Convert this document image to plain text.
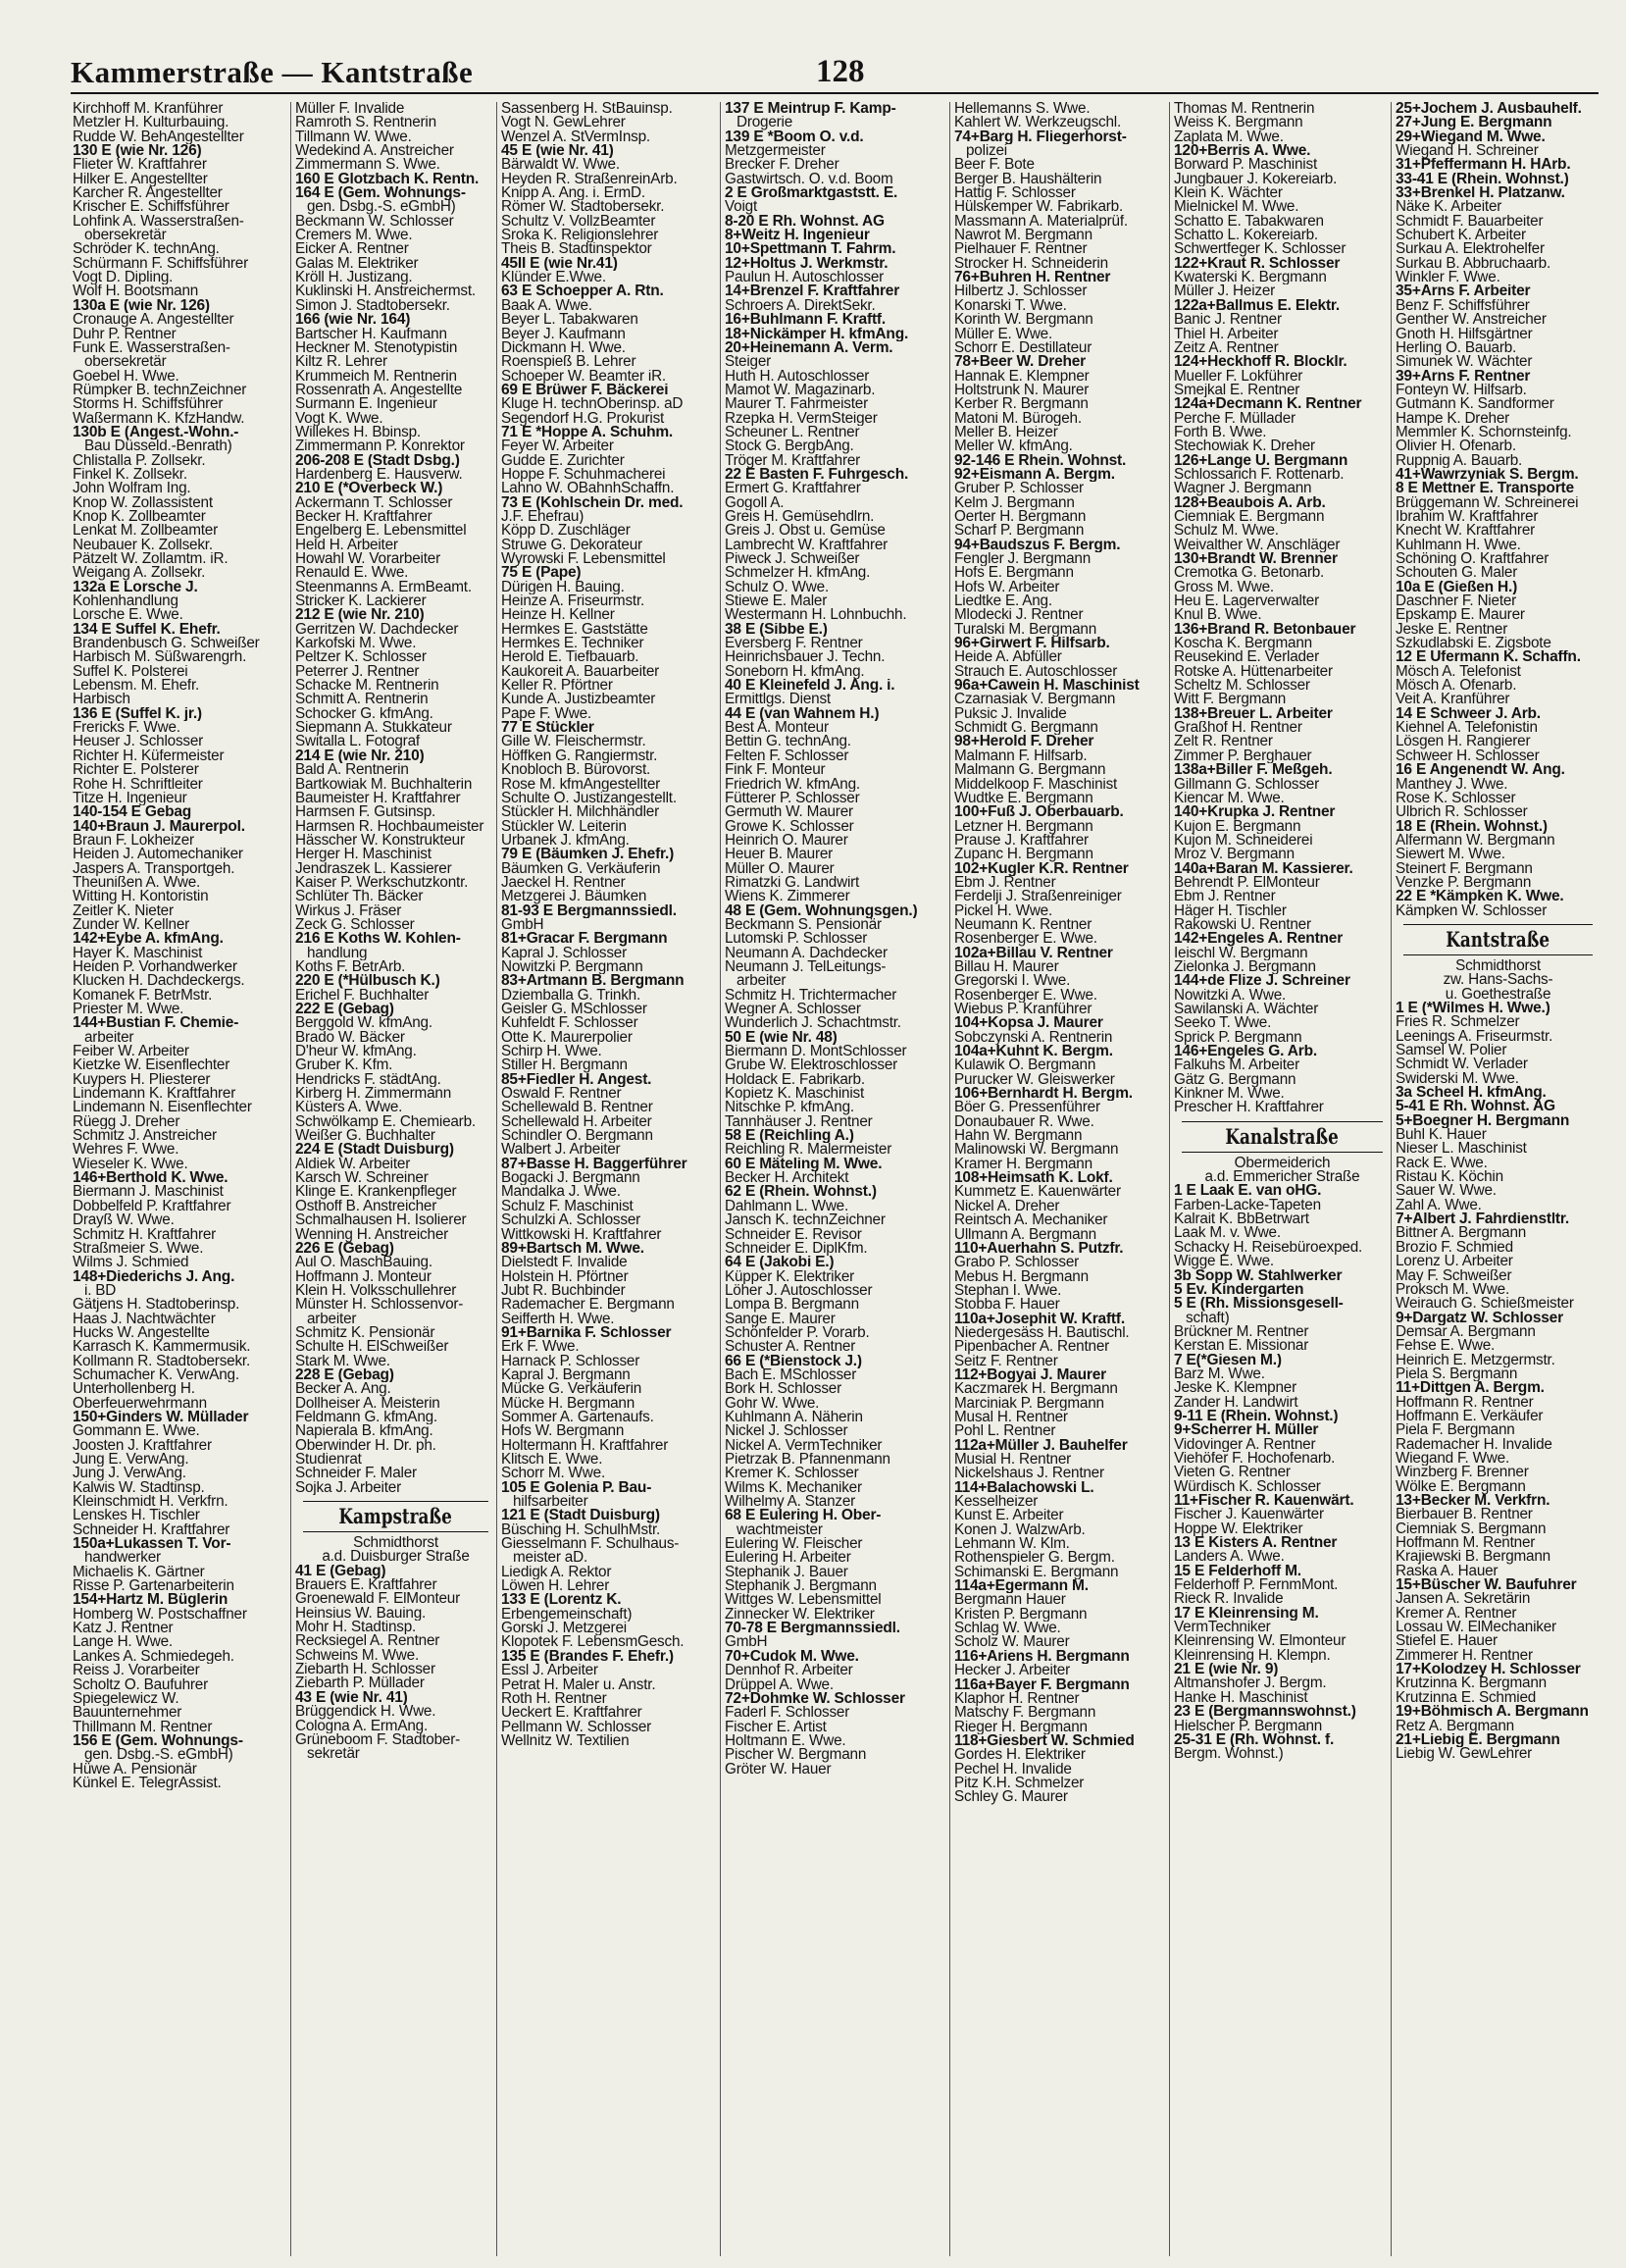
Kammerstraße — Kantstraße	128
Kirchhoff M. Kranführer
Metzler H. Kulturbauing.
Rudde W. BehAngestellter
130 E (wie Nr. 126)
Flieter W. Kraftfahrer
Hilker E. Angestellter
Karcher R. Angestellter
Krischer E. Schiffsführer
Lohfink A. Wasserstraßen-
obersekretär
Schröder K. technAng.
Schürmann F. Schiffsführer
Vogt D. Dipling.
Wolf H. Bootsmann
130a E (wie Nr. 126)
Cronauge A. Angestellter
Duhr P. Rentner
Funk E. Wasserstraßen-
obersekretär
Goebel H. Wwe.
Rümpker B. technZeichner
Storms H. Schiffsführer
Waßermann K. KfzHandw.
130b E (Angest.-Wohn.-
Bau Düsseld.-Benrath)
Chlistalla P. Zollsekr.
Finkel K. Zollsekr.
John Wolfram Ing.
Knop W. Zollassistent
Knop K. Zollbeamter
Lenkat M. Zollbeamter
Neubauer K. Zollsekr.
Pätzelt W. Zollamtm. iR.
Weigang A. Zollsekr.
132a E Lorsche J.
Kohlenhandlung
Lorsche E. Wwe.
134 E Suffel K. Ehefr.
Brandenbusch G. Schweißer
Harbisch M. Süßwarengrh.
Suffel K. Polsterei
Lebensm. M. Ehefr.
Harbisch
136 E (Suffel K. jr.)
Frericks F. Wwe.
Heuser J. Schlosser
Richter H. Küfermeister
Richter E. Polsterer
Rohe H. Schriftleiter
Titze H. Ingenieur
140-154 E Gebag
140+Braun J. Maurerpol.
Braun F. Lokheizer
Heiden J. Automechaniker
Jaspers A. Transportgeh.
Theunißen A. Wwe.
Witting H. Kontoristin
Zeitler K. Nieter
Zunder W. Kellner
142+Eybe A. kfmAng.
Hayer K. Maschinist
Heiden P. Vorhandwerker
Klucken H. Dachdeckergs.
Komanek F. BetrMstr.
Priester M. Wwe.
144+Bustian F. Chemie-
arbeiter
Feiber W. Arbeiter
Kietzke W. Eisenflechter
Kuypers H. Pliesterer
Lindemann K. Kraftfahrer
Lindemann N. Eisenflechter
Rüegg J. Dreher
Schmitz J. Anstreicher
Wehres F. Wwe.
Wieseler K. Wwe.
146+Berthold K. Wwe.
Biermann J. Maschinist
Dobbelfeld P. Kraftfahrer
Drayß W. Wwe.
Schmitz H. Kraftfahrer
Straßmeier S. Wwe.
Wilms J. Schmied
148+Diederichs J. Ang.
i. BD
Gätjens H. Stadtoberinsp.
Haas J. Nachtwächter
Hucks W. Angestellte
Karrasch K. Kammermusik.
Kollmann R. Stadtobersekr.
Schumacher K. VerwAng.
Unterhollenberg H.
Oberfeuerwehrmann
150+Ginders W. Müllader
Gommann E. Wwe.
Joosten J. Kraftfahrer
Jung E. VerwAng.
Jung J. VerwAng.
Kalwis W. Stadtinsp.
Kleinschmidt H. Verkfrn.
Lenskes H. Tischler
Schneider H. Kraftfahrer
150a+Lukassen T. Vor-
handwerker
Michaelis K. Gärtner
Risse P. Gartenarbeiterin
154+Hartz M. Büglerin
Homberg W. Postschaffner
Katz J. Rentner
Lange H. Wwe.
Lankes A. Schmiedegeh.
Reiss J. Vorarbeiter
Scholtz O. Baufuhrer
Spiegelewicz W.
Bauunternehmer
Thillmann M. Rentner
156 E (Gem. Wohnungs-
gen. Dsbg.-S. eGmbH)
Hüwe A. Pensionär
Künkel E. TelegrAssist.
Müller F. Invalide
Ramroth S. Rentnerin
Tillmann W. Wwe.
Wedekind A. Anstreicher
Zimmermann S. Wwe.
160 E Glotzbach K. Rentn.
164 E (Gem. Wohnungs-
gen. Dsbg.-S. eGmbH)
Beckmann W. Schlosser
Cremers M. Wwe.
Eicker A. Rentner
Galas M. Elektriker
Kröll H. Justizang.
Kuklinski H. Anstreichermst.
Simon J. Stadtobersekr.
166 (wie Nr. 164)
Bartscher H. Kaufmann
Heckner M. Stenotypistin
Kiltz R. Lehrer
Krummeich M. Rentnerin
Rossenrath A. Angestellte
Surmann E. Ingenieur
Vogt K. Wwe.
Willekes H. Bbinsp.
Zimmermann P. Konrektor
206-208 E (Stadt Dsbg.)
Hardenberg E. Hausverw.
210 E (*Overbeck W.)
Ackermann T. Schlosser
Becker H. Kraftfahrer
Engelberg E. Lebensmittel
Held H. Arbeiter
Howahl W. Vorarbeiter
Renauld E. Wwe.
Steenmanns A. ErmBeamt.
Stricker K. Lackierer
212 E (wie Nr. 210)
Gerritzen W. Dachdecker
Karkofski M. Wwe.
Peltzer K. Schlosser
Peterrer J. Rentner
Schacke M. Rentnerin
Schmitt A. Rentnerin
Schocker G. kfmAng.
Siepmann A. Stukkateur
Switalla L. Fotograf
214 E (wie Nr. 210)
Bald A. Rentnerin
Bartkowiak M. Buchhalterin
Baumeister H. Kraftfahrer
Harmsen F. Gutsinsp.
Harmsen R. Hochbaumeister
Hässcher W. Konstrukteur
Herger H. Maschinist
Jendraszek L. Kassierer
Kaiser P. Werkschutzkontr.
Schlüter Th. Bäcker
Wirkus J. Fräser
Zeck G. Schlosser
216 E Koths W. Kohlen-
handlung
Koths F. BetrArb.
220 E (*Hülbusch K.)
Erichel F. Buchhalter
222 E (Gebag)
Berggold W. kfmAng.
Brado W. Bäcker
D'heur W. kfmAng.
Gruber K. Kfm.
Hendricks F. städtAng.
Kirberg H. Zimmermann
Küsters A. Wwe.
Schwölkamp E. Chemiearb.
Weißer G. Buchhalter
224 E (Stadt Duisburg)
Aldiek W. Arbeiter
Karsch W. Schreiner
Klinge E. Krankenpfleger
Osthoff B. Anstreicher
Schmalhausen H. Isolierer
Wenning H. Anstreicher
226 E (Gebag)
Aul O. MaschBauing.
Hoffmann J. Monteur
Klein H. Volksschullehrer
Münster H. Schlossenvor-
arbeiter
Schmitz K. Pensionär
Schulte H. ElSchweißer
Stark M. Wwe.
228 E (Gebag)
Becker A. Ang.
Dollheiser A. Meisterin
Feldmann G. kfmAng.
Napierala B. kfmAng.
Oberwinder H. Dr. ph.
Studienrat
Schneider F. Maler
Sojka J. Arbeiter
Kampstraße
Schmidthorst
a.d. Duisburger Straße
41 E (Gebag)
Brauers E. Kraftfahrer
Groenewald F. ElMonteur
Heinsius W. Bauing.
Mohr H. Stadtinsp.
Recksiegel A. Rentner
Schweins M. Wwe.
Ziebarth H. Schlosser
Ziebarth P. Müllader
43 E (wie Nr. 41)
Brüggendick H. Wwe.
Cologna A. ErmAng.
Grüneboom F. Stadtober-
sekretär
Sassenberg H. StBauinsp.
Vogt N. GewLehrer
Wenzel A. StVermInsp.
45 E (wie Nr. 41)
Bärwaldt W. Wwe.
Heyden R. StraßenreinArb.
Knipp A. Ang. i. ErmD.
Römer W. Stadtobersekr.
Schultz V. VollzBeamter
Sroka K. Religionslehrer
Theis B. Stadtinspektor
45II E (wie Nr.41)
Klünder E.Wwe.
63 E Schoepper A. Rtn.
Baak A. Wwe.
Beyer L. Tabakwaren
Beyer J. Kaufmann
Dickmann H. Wwe.
Roenspieß B. Lehrer
Schoeper W. Beamter iR.
69 E Brüwer F. Bäckerei
Kluge H. technOberinsp. aD
Segendorf H.G. Prokurist
71 E *Hoppe A. Schuhm.
Feyer W. Arbeiter
Gudde E. Zurichter
Hoppe F. Schuhmacherei
Lahno W. OBahnhSchaffn.
73 E (Kohlschein Dr. med.
J.F. Ehefrau)
Köpp D. Zuschläger
Struwe G. Dekorateur
Wyrowski F. Lebensmittel
75 E (Pape)
Dürigen H. Bauing.
Heinze A. Friseurmstr.
Heinze H. Kellner
Hermkes E. Gaststätte
Hermkes E. Techniker
Herold E. Tiefbauarb.
Kaukoreit A. Bauarbeiter
Keller R. Pförtner
Kunde A. Justizbeamter
Pape F. Wwe.
77 E Stückler
Gille W. Fleischermstr.
Höffken G. Rangiermstr.
Knobloch B. Bürovorst.
Rose M. kfmAngestellter
Schulte O. Justizangestellt.
Stückler H. Milchhändler
Stückler W. Leiterin
Urbanek J. kfmAng.
79 E (Bäumken J. Ehefr.)
Bäumken G. Verkäuferin
Jaeckel H. Rentner
Metzgerei J. Bäumken
81-93 E Bergmannssiedl.
GmbH
81+Gracar F. Bergmann
Kapral J. Schlosser
Nowitzki P. Bergmann
83+Artmann B. Bergmann
Dziemballa G. Trinkh.
Geisler G. MSchlosser
Kuhfeldt F. Schlosser
Otte K. Maurerpolier
Schirp H. Wwe.
Stiller H. Bergmann
85+Fiedler H. Angest.
Oswald F. Rentner
Schellewald B. Rentner
Schellewald H. Arbeiter
Schindler O. Bergmann
Walbert J. Arbeiter
87+Basse H. Baggerführer
Bogacki J. Bergmann
Mandalka J. Wwe.
Schulz F. Maschinist
Schulzki A. Schlosser
Wittkowski H. Kraftfahrer
89+Bartsch M. Wwe.
Dielstedt F. Invalide
Holstein H. Pförtner
Jubt R. Buchbinder
Rademacher E. Bergmann
Seifferth H. Wwe.
91+Barnika F. Schlosser
Erk F. Wwe.
Harnack P. Schlosser
Kapral J. Bergmann
Mücke G. Verkäuferin
Mücke H. Bergmann
Sommer A. Gartenaufs.
Hofs W. Bergmann
Holtermann H. Kraftfahrer
Klitsch E. Wwe.
Schorr M. Wwe.
105 E Golenia P. Bau-
hilfsarbeiter
121 E (Stadt Duisburg)
Büsching H. SchulhMstr.
Giesselmann F. Schulhaus-
meister aD.
Liedigk A. Rektor
Löwen H. Lehrer
133 E (Lorentz K.
Erbengemeinschaft)
Gorski J. Metzgerei
Klopotek F. LebensmGesch.
135 E (Brandes F. Ehefr.)
Essl J. Arbeiter
Petrat H. Maler u. Anstr.
Roth H. Rentner
Ueckert E. Kraftfahrer
Pellmann W. Schlosser
Wellnitz W. Textilien
137 E Meintrup F. Kamp-
Drogerie
139 E *Boom O. v.d.
Metzgermeister
Brecker F. Dreher
Gastwirtsch. O. v.d. Boom
2 E Großmarktgaststt. E.
Voigt
8-20 E Rh. Wohnst. AG
8+Weitz H. Ingenieur
10+Spettmann T. Fahrm.
12+Holtus J. Werkmstr.
Paulun H. Autoschlosser
14+Brenzel F. Kraftfahrer
Schroers A. DirektSekr.
16+Buhlmann F. Kraftf.
18+Nickämper H. kfmAng.
20+Heinemann A. Verm.
Steiger
Huth H. Autoschlosser
Mamot W. Magazinarb.
Maurer T. Fahrmeister
Rzepka H. VermSteiger
Scheuner L. Rentner
Stock G. BergbAng.
Tröger M. Kraftfahrer
22 E Basten F. Fuhrgesch.
Ermert G. Kraftfahrer
Gogoll A.
Greis H. Gemüsehdlrn.
Greis J. Obst u. Gemüse
Lambrecht W. Kraftfahrer
Piweck J. Schweißer
Schmelzer H. kfmAng.
Schulz O. Wwe.
Stiewe E. Maler
Westermann H. Lohnbuchh.
38 E (Sibbe E.)
Eversberg F. Rentner
Heinrichsbauer J. Techn.
Soneborn H. kfmAng.
40 E Kleinefeld J. Ang. i.
Ermittlgs. Dienst
44 E (van Wahnem H.)
Best A. Monteur
Bettin G. technAng.
Felten F. Schlosser
Fink F. Monteur
Friedrich W. kfmAng.
Fütterer P. Schlosser
Germuth W. Maurer
Growe K. Schlosser
Heinrich O. Maurer
Heuer B. Maurer
Müller O. Maurer
Rimatzki G. Landwirt
Wiens K. Zimmerer
48 E (Gem. Wohnungsgen.)
Beckmann S. Pensionär
Lutomski P. Schlosser
Neumann A. Dachdecker
Neumann J. TelLeitungs-
arbeiter
Schmitz H. Trichtermacher
Wegner A. Schlosser
Wunderlich J. Schachtmstr.
50 E (wie Nr. 48)
Biermann D. MontSchlosser
Grube W. Elektroschlosser
Holdack E. Fabrikarb.
Kopietz K. Maschinist
Nitschke P. kfmAng.
Tannhäuser J. Rentner
58 E (Reichling A.)
Reichling R. Malermeister
60 E Mäteling M. Wwe.
Becker H. Architekt
62 E (Rhein. Wohnst.)
Dahlmann L. Wwe.
Jansch K. technZeichner
Schneider E. Revisor
Schneider E. DiplKfm.
64 E (Jakobi E.)
Küpper K. Elektriker
Löher J. Autoschlosser
Lompa B. Bergmann
Sange E. Maurer
Schönfelder P. Vorarb.
Schuster A. Rentner
66 E (*Bienstock J.)
Bach E. MSchlosser
Bork H. Schlosser
Gohr W. Wwe.
Kuhlmann A. Näherin
Nickel J. Schlosser
Nickel A. VermTechniker
Pietrzak B. Pfannenmann
Kremer K. Schlosser
Wilms K. Mechaniker
Wilhelmy A. Stanzer
68 E Eulering H. Ober-
wachtmeister
Eulering W. Fleischer
Eulering H. Arbeiter
Stephanik J. Bauer
Stephanik J. Bergmann
Wittges W. Lebensmittel
Zinnecker W. Elektriker
70-78 E Bergmannssiedl.
GmbH
70+Cudok M. Wwe.
Dennhof R. Arbeiter
Drüppel A. Wwe.
72+Dohmke W. Schlosser
Faderl F. Schlosser
Fischer E. Artist
Holtmann E. Wwe.
Pischer W. Bergmann
Gröter W. Hauer
Hellemanns S. Wwe.
Kahlert W. Werkzeugschl.
74+Barg H. Fliegerhorst-
polizei
Beer F. Bote
Berger B. Haushälterin
Hattig F. Schlosser
Hülskemper W. Fabrikarb.
Massmann A. Materialprüf.
Nawrot M. Bergmann
Pielhauer F. Rentner
Strocker H. Schneiderin
76+Buhren H. Rentner
Hilbertz J. Schlosser
Konarski T. Wwe.
Korinth W. Bergmann
Müller E. Wwe.
Schorr E. Destillateur
78+Beer W. Dreher
Hannak E. Klempner
Holtstrunk N. Maurer
Kerber R. Bergmann
Matoni M. Bürogeh.
Meller B. Heizer
Meller W. kfmAng.
92-146 E Rhein. Wohnst.
92+Eismann A. Bergm.
Gruber P. Schlosser
Kelm J. Bergmann
Oerter H. Bergmann
Scharf P. Bergmann
94+Baudszus F. Bergm.
Fengler J. Bergmann
Hofs E. Bergmann
Hofs W. Arbeiter
Liedtke E. Ang.
Mlodecki J. Rentner
Turalski M. Bergmann
96+Girwert F. Hilfsarb.
Heide A. Abfüller
Strauch E. Autoschlosser
96a+Cawein H. Maschinist
Czarnasiak V. Bergmann
Puksic J. Invalide
Schmidt G. Bergmann
98+Herold F. Dreher
Malmann F. Hilfsarb.
Malmann G. Bergmann
Middelkoop F. Maschinist
Wudtke E. Bergmann
100+Fuß J. Oberbauarb.
Letzner H. Bergmann
Prause J. Kraftfahrer
Zupanc H. Bergmann
102+Kugler K.R. Rentner
Ebm J. Rentner
Ferdelji J. Straßenreiniger
Pickel H. Wwe.
Neumann K. Rentner
Rosenberger E. Wwe.
102a+Billau V. Rentner
Billau H. Maurer
Gregorski I. Wwe.
Rosenberger E. Wwe.
Wiebus P. Kranführer
104+Kopsa J. Maurer
Sobczynski A. Rentnerin
104a+Kuhnt K. Bergm.
Kulawik O. Bergmann
Purucker W. Gleiswerker
106+Bernhardt H. Bergm.
Böer G. Pressenführer
Donaubauer R. Wwe.
Hahn W. Bergmann
Malinowski W. Bergmann
Kramer H. Bergmann
108+Heimsath K. Lokf.
Kummetz E. Kauenwärter
Nickel A. Dreher
Reintsch A. Mechaniker
Ullmann A. Bergmann
110+Auerhahn S. Putzfr.
Grabo P. Schlosser
Mebus H. Bergmann
Stephan I. Wwe.
Stobba F. Hauer
110a+Josephit W. Kraftf.
Niedergesäss H. Bautischl.
Pipenbacher A. Rentner
Seitz F. Rentner
112+Bogyai J. Maurer
Kaczmarek H. Bergmann
Marciniak P. Bergmann
Musal H. Rentner
Pohl L. Rentner
112a+Müller J. Bauhelfer
Musial H. Rentner
Nickelshaus J. Rentner
114+Balachowski L.
Kesselheizer
Kunst E. Arbeiter
Konen J. WalzwArb.
Lehmann W. Klm.
Rothenspieler G. Bergm.
Schimanski E. Bergmann
114a+Egermann M.
Bergmann Hauer
Kristen P. Bergmann
Schlag W. Wwe.
Scholz W. Maurer
116+Ariens H. Bergmann
Hecker J. Arbeiter
116a+Bayer F. Bergmann
Klaphor H. Rentner
Matschy F. Bergmann
Rieger H. Bergmann
118+Giesbert W. Schmied
Gordes H. Elektriker
Pechel H. Invalide
Pitz K.H. Schmelzer
Schley G. Maurer
Thomas M. Rentnerin
Weiss K. Bergmann
Zaplata M. Wwe.
120+Berris A. Wwe.
Borward P. Maschinist
Jungbauer J. Kokereiarb.
Klein K. Wächter
Mielnickel M. Wwe.
Schatto E. Tabakwaren
Schatto L. Kokereiarb.
Schwertfeger K. Schlosser
122+Kraut R. Schlosser
Kwaterski K. Bergmann
Müller J. Heizer
122a+Ballmus E. Elektr.
Banic J. Rentner
Thiel H. Arbeiter
Zeitz A. Rentner
124+Heckhoff R. Blocklr.
Mueller F. Lokführer
Smejkal E. Rentner
124a+Decmann K. Rentner
Perche F. Müllader
Forth B. Wwe.
Stechowiak K. Dreher
126+Lange U. Bergmann
Schlossarich F. Rottenarb.
Wagner J. Bergmann
128+Beaubois A. Arb.
Ciemniak E. Bergmann
Schulz M. Wwe.
Weivalther W. Anschläger
130+Brandt W. Brenner
Cremotka G. Betonarb.
Gross M. Wwe.
Heu E. Lagerverwalter
Knul B. Wwe.
136+Brand R. Betonbauer
Koscha K. Bergmann
Reusekind E. Verlader
Rotske A. Hüttenarbeiter
Scheltz M. Schlosser
Witt F. Bergmann
138+Breuer L. Arbeiter
Graßhof H. Rentner
Zelt R. Rentner
Zimmer P. Berghauer
138a+Biller F. Meßgeh.
Gillmann G. Schlosser
Kiencar M. Wwe.
140+Krupka J. Rentner
Kujon E. Bergmann
Kujon M. Schneiderei
Mroz V. Bergmann
140a+Baran M. Kassierer.
Behrendt P. ElMonteur
Ebm J. Rentner
Häger H. Tischler
Rakowski U. Rentner
142+Engeles A. Rentner
Ieischl W. Bergmann
Zielonka J. Bergmann
144+de Flize J. Schreiner
Nowitzki A. Wwe.
Sawilanski A. Wächter
Seeko T. Wwe.
Sprick P. Bergmann
146+Engeles G. Arb.
Falkuhs M. Arbeiter
Gätz G. Bergmann
Kinkner M. Wwe.
Prescher H. Kraftfahrer
Kanalstraße
Obermeiderich
a.d. Emmericher Straße
1 E Laak E. van oHG.
Farben-Lacke-Tapeten
Kalrait K. BbBetrwart
Laak M. v. Wwe.
Schacky H. Reisebüroexped.
Wigge E. Wwe.
3b Sopp W. Stahlwerker
5 Ev. Kindergarten
5 E (Rh. Missionsgesell-
schaft)
Brückner M. Rentner
Kerstan E. Missionar
7 E(*Giesen M.)
Barz M. Wwe.
Jeske K. Klempner
Zander H. Landwirt
9-11 E (Rhein. Wohnst.)
9+Scherrer H. Müller
Vidovinger A. Rentner
Viehöfer F. Hochofenarb.
Vieten G. Rentner
Würdisch K. Schlosser
11+Fischer R. Kauenwärt.
Fischer J. Kauenwärter
Hoppe W. Elektriker
13 E Kisters A. Rentner
Landers A. Wwe.
15 E Felderhoff M.
Felderhoff P. FernmMont.
Rieck R. Invalide
17 E Kleinrensing M.
VermTechniker
Kleinrensing W. Elmonteur
Kleinrensing H. Klempn.
21 E (wie Nr. 9)
Altmanshofer J. Bergm.
Hanke H. Maschinist
23 E (Bergmannswohnst.)
Hielscher P. Bergmann
25-31 E (Rh. Wohnst. f.
Bergm. Wohnst.)
25+Jochem J. Ausbauhelf.
27+Jung E. Bergmann
29+Wiegand M. Wwe.
Wiegand H. Schreiner
31+Pfeffermann H. HArb.
33-41 E (Rhein. Wohnst.)
33+Brenkel H. Platzanw.
Näke K. Arbeiter
Schmidt F. Bauarbeiter
Schubert K. Arbeiter
Surkau A. Elektrohelfer
Surkau B. Abbruchaarb.
Winkler F. Wwe.
35+Arns F. Arbeiter
Benz F. Schiffsführer
Genther W. Anstreicher
Gnoth H. Hilfsgärtner
Herling O. Bauarb.
Simunek W. Wächter
39+Arns F. Rentner
Fonteyn W. Hilfsarb.
Gutmann K. Sandformer
Hampe K. Dreher
Memmler K. Schornsteinfg.
Olivier H. Ofenarb.
Ruppnig A. Bauarb.
41+Wawrzyniak S. Bergm.
8 E Mettner E. Transporte
Brüggemann W. Schreinerei
Ibrahim W. Kraftfahrer
Knecht W. Kraftfahrer
Kuhlmann H. Wwe.
Schöning O. Kraftfahrer
Schouten G. Maler
10a E (Gießen H.)
Daschner F. Nieter
Epskamp E. Maurer
Jeske E. Rentner
Szkudlabski E. Zigsbote
12 E Ufermann K. Schaffn.
Mösch A. Telefonist
Mösch A. Ofenarb.
Veit A. Kranführer
14 E Schweer J. Arb.
Kiehnel A. Telefonistin
Lösgen H. Rangierer
Schweer H. Schlosser
16 E Angenendt W. Ang.
Manthey J. Wwe.
Rose K. Schlosser
Ulbrich R. Schlosser
18 E (Rhein. Wohnst.)
Alfermann W. Bergmann
Siewert M. Wwe.
Steinert F. Bergmann
Venzke P. Bergmann
22 E *Kämpken K. Wwe.
Kämpken W. Schlosser
Kantstraße
Schmidthorst
zw. Hans-Sachs-
u. Goethestraße
1 E (*Wilmes H. Wwe.)
Fries R. Schmelzer
Leenings A. Friseurmstr.
Samsel W. Polier
Schmidt W. Verlader
Swiderski M. Wwe.
3a Scheel H. kfmAng.
5-41 E Rh. Wohnst. AG
5+Boegner H. Bergmann
Buhl K. Hauer
Nieser L. Maschinist
Rack E. Wwe.
Ristau K. Köchin
Sauer W. Wwe.
Zahl A. Wwe.
7+Albert J. Fahrdienstltr.
Bittner A. Bergmann
Brozio F. Schmied
Lorenz U. Arbeiter
May F. Schweißer
Proksch M. Wwe.
Weirauch G. Schießmeister
9+Dargatz W. Schlosser
Demsar A. Bergmann
Fehse E. Wwe.
Heinrich E. Metzgermstr.
Piela S. Bergmann
11+Dittgen A. Bergm.
Hoffmann R. Rentner
Hoffmann E. Verkäufer
Piela F. Bergmann
Rademacher H. Invalide
Wiegand F. Wwe.
Winzberg F. Brenner
Wölke E. Bergmann
13+Becker M. Verkfrn.
Bierbauer B. Rentner
Ciemniak S. Bergmann
Hoffmann M. Rentner
Krajiewski B. Bergmann
Raska A. Hauer
15+Büscher W. Baufuhrer
Jansen A. Sekretärin
Kremer A. Rentner
Lossau W. ElMechaniker
Stiefel E. Hauer
Zimmerer H. Rentner
17+Kolodzey H. Schlosser
Krutzinna K. Bergmann
Krutzinna E. Schmied
19+Böhmisch A. Bergmann
Retz A. Bergmann
21+Liebig E. Bergmann
Liebig W. GewLehrer
